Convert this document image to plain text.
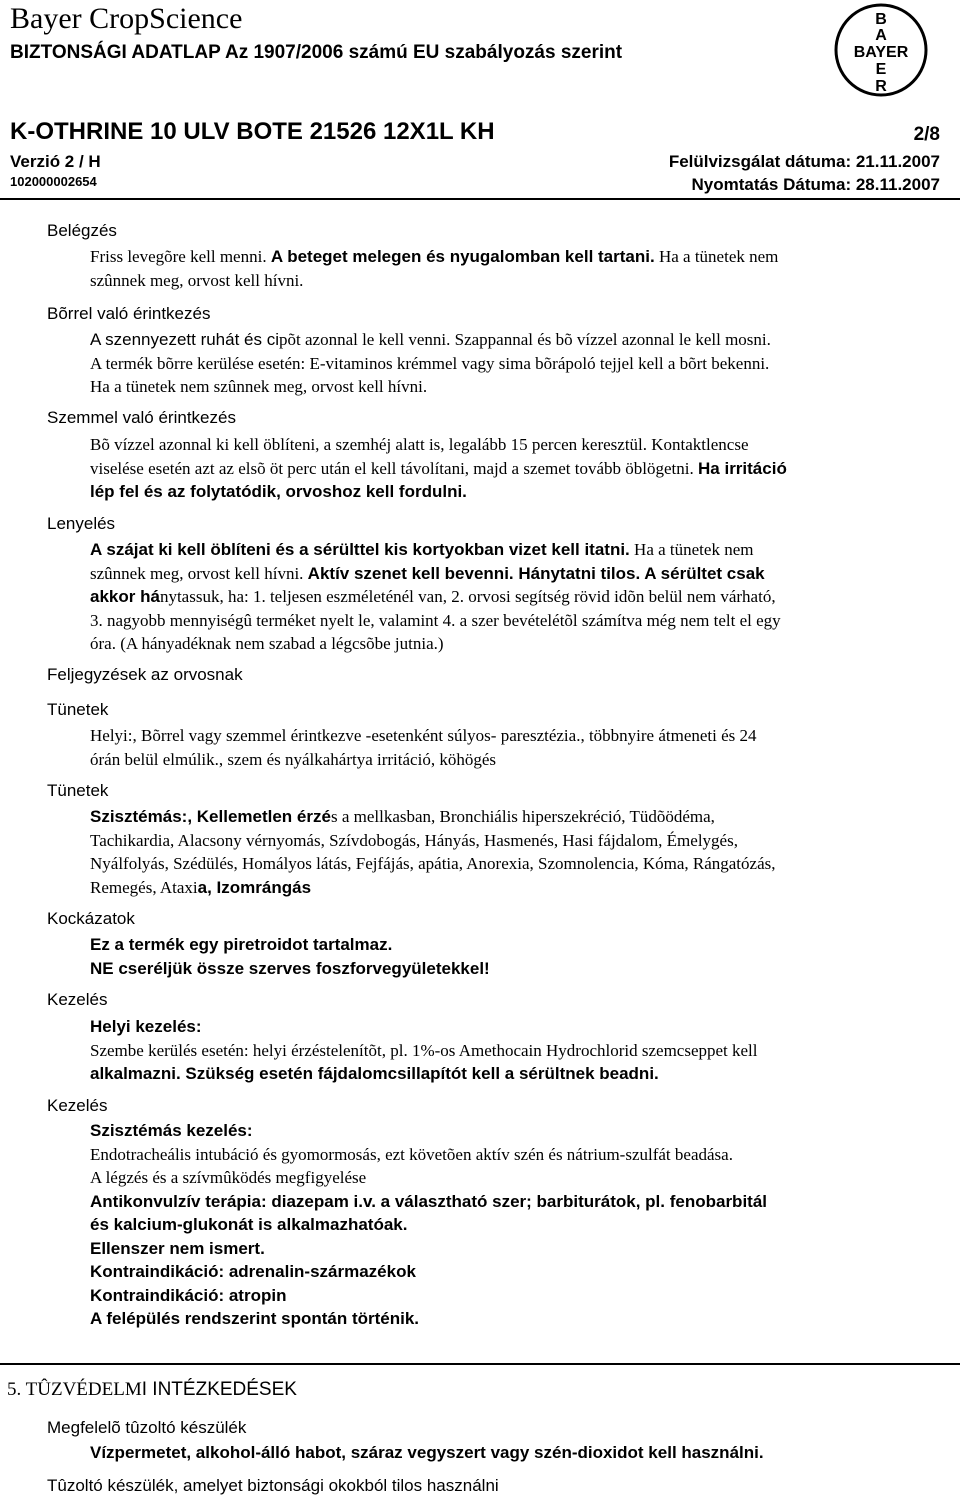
Bayer CropScience
BIZTONSÁGI ADATLAP Az 1907/2006 számú EU szabályozás szerint
B
A
BAYER
E
R
K-OTHRINE 10 ULV BOTE 21526 12X1L KH	2/8
Verzió 2 / H	Felülvizsgálat dátuma: 21.11.2007
102000002654	Nyomtatás Dátuma: 28.11.2007
Belégzés
Friss levegõre kell menni. A beteget melegen és nyugalomban kell tartani. Ha a tünetek nem
szûnnek meg, orvost kell hívni.
Bõrrel való érintkezés
A szennyezett ruhát és cipõt azonnal le kell venni. Szappannal és bõ vízzel azonnal le kell mosni.
A termék bõrre kerülése esetén: E-vitaminos krémmel vagy sima bõrápoló tejjel kell a bõrt bekenni.
Ha a tünetek nem szûnnek meg, orvost kell hívni.
Szemmel való érintkezés
Bõ vízzel azonnal ki kell öblíteni, a szemhéj alatt is, legalább 15 percen keresztül. Kontaktlencse
viselése esetén azt az elsõ öt perc után el kell távolítani, majd a szemet tovább öblögetni. Ha irritáció
lép fel és az folytatódik, orvoshoz kell fordulni.
Lenyelés
A szájat ki kell öblíteni és a sérülttel kis kortyokban vizet kell itatni. Ha a tünetek nem
szûnnek meg, orvost kell hívni. Aktív szenet kell bevenni. Hánytatni tilos. A sérültet csak
akkor hánytassuk, ha: 1. teljesen eszméleténél van, 2. orvosi segítség rövid idõn belül nem várható,
3. nagyobb mennyiségû terméket nyelt le, valamint 4. a szer bevételétõl számítva még nem telt el egy
óra. (A hányadéknak nem szabad a légcsõbe jutnia.)
Feljegyzések az orvosnak
Tünetek
Helyi:, Bõrrel vagy szemmel érintkezve -esetenként súlyos- paresztézia., többnyire átmeneti és 24
órán belül elmúlik., szem és nyálkahártya irritáció, köhögés
Tünetek
Szisztémás:, Kellemetlen érzés a mellkasban, Bronchiális hiperszekréció, Tüdõödéma,
Tachikardia, Alacsony vérnyomás, Szívdobogás, Hányás, Hasmenés, Hasi fájdalom, Émelygés,
Nyálfolyás, Szédülés, Homályos látás, Fejfájás, apátia, Anorexia, Szomnolencia, Kóma, Rángatózás,
Remegés, Ataxia, Izomrángás
Kockázatok
Ez a termék egy piretroidot tartalmaz.
NE cseréljük össze szerves foszforvegyületekkel!
Kezelés
Helyi kezelés:
Szembe kerülés esetén: helyi érzéstelenítõt, pl. 1%-os Amethocain Hydrochlorid szemcseppet kell
alkalmazni. Szükség esetén fájdalomcsillapítót kell a sérültnek beadni.
Kezelés
Szisztémás kezelés:
Endotracheális intubáció és gyomormosás, ezt követõen aktív szén és nátrium-szulfát beadása.
A légzés és a szívmûködés megfigyelése
Antikonvulzív terápia: diazepam i.v. a választható szer; barbiturátok, pl. fenobarbitál
és kalcium-glukonát is alkalmazhatóak.
Ellenszer nem ismert.
Kontraindikáció: adrenalin-származékok
Kontraindikáció: atropin
A felépülés rendszerint spontán történik.
5. TÛZVÉDELMI INTÉZKEDÉSEK
Megfelelõ tûzoltó készülék
Vízpermetet, alkohol-álló habot, száraz vegyszert vagy szén-dioxidot kell használni.
Tûzoltó készülék, amelyet biztonsági okokból tilos használni
